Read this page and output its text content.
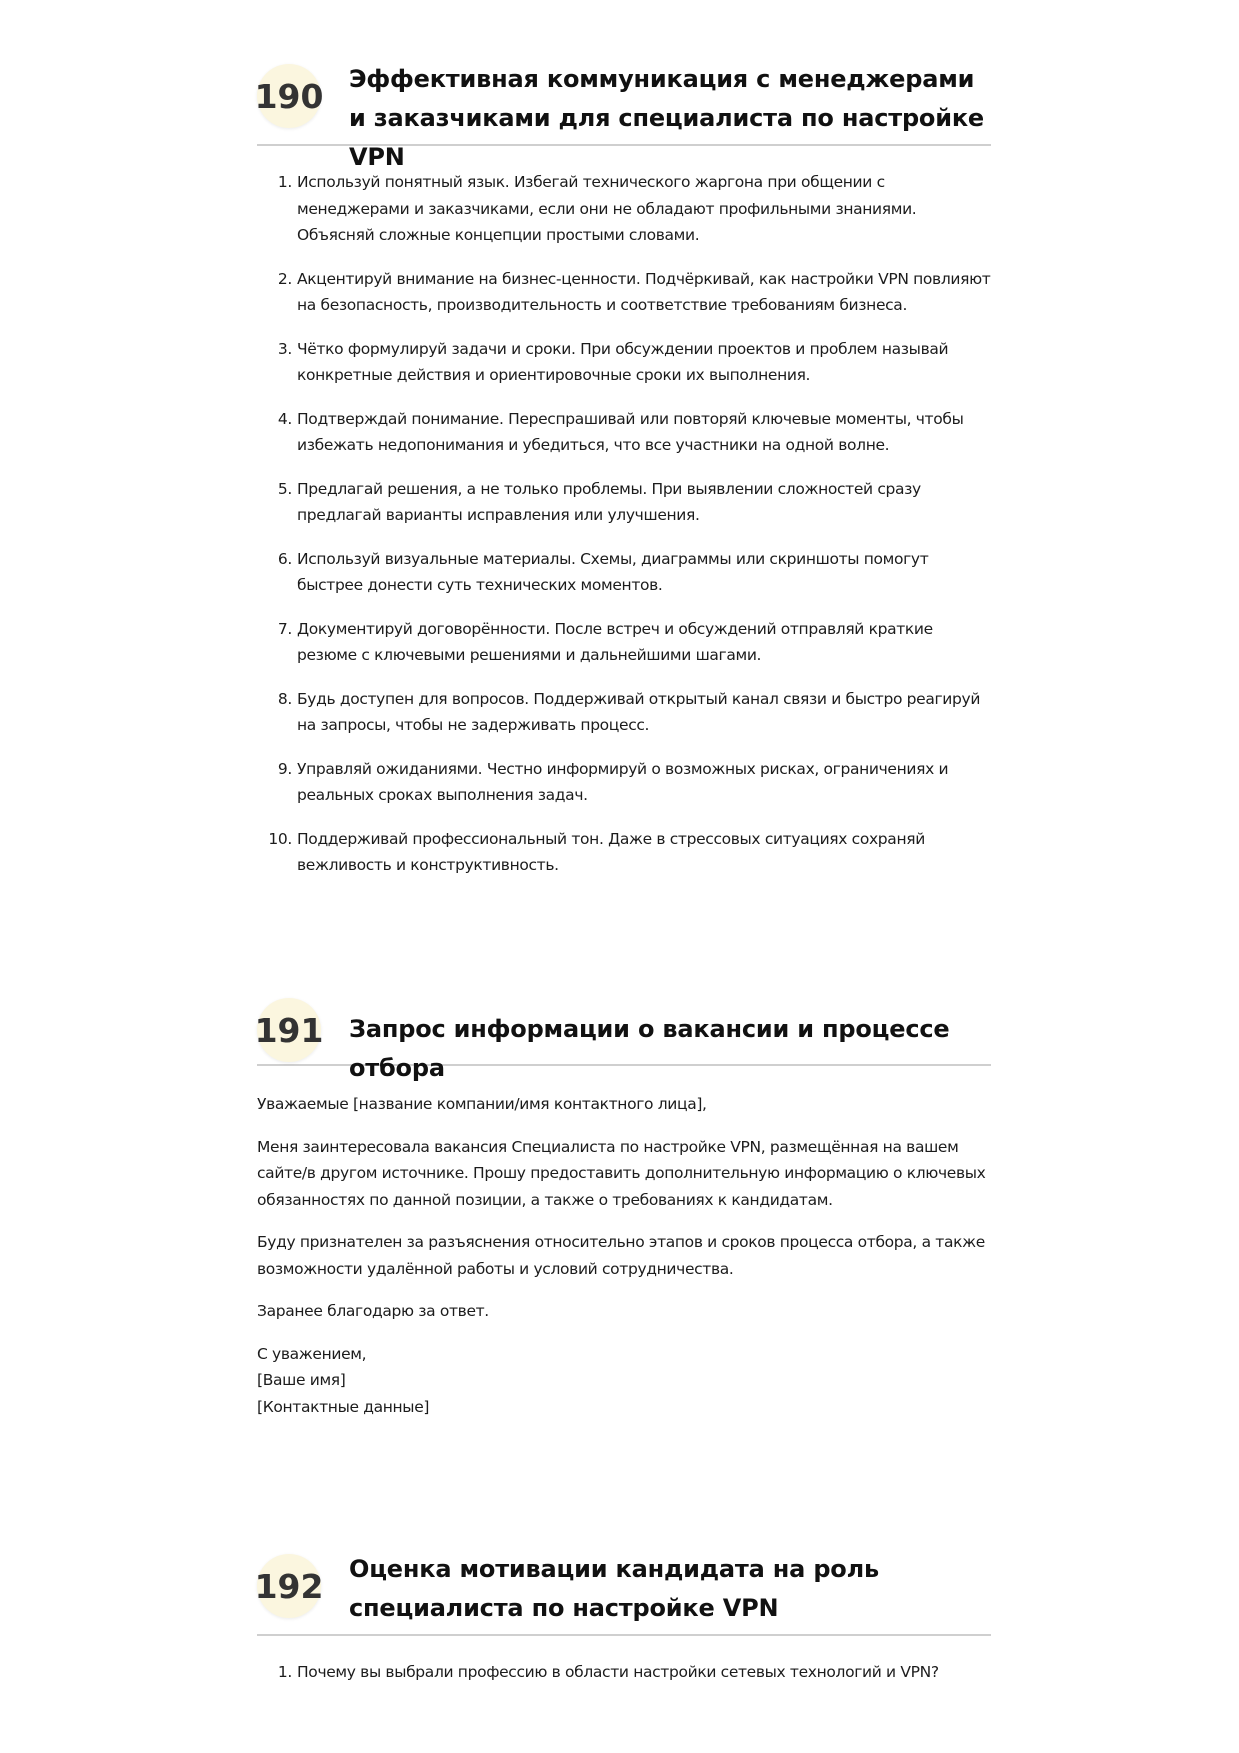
190 Эффективная коммуникация с менеджерами и заказчиками для специалиста по настройке VPN
Используй понятный язык. Избегай технического жаргона при общении с менеджерами и заказчиками, если они не обладают профильными знаниями. Объясняй сложные концепции простыми словами.
Акцентируй внимание на бизнес-ценности. Подчёркивай, как настройки VPN повлияют на безопасность, производительность и соответствие требованиям бизнеса.
Чётко формулируй задачи и сроки. При обсуждении проектов и проблем называй конкретные действия и ориентировочные сроки их выполнения.
Подтверждай понимание. Переспрашивай или повторяй ключевые моменты, чтобы избежать недопонимания и убедиться, что все участники на одной волне.
Предлагай решения, а не только проблемы. При выявлении сложностей сразу предлагай варианты исправления или улучшения.
Используй визуальные материалы. Схемы, диаграммы или скриншоты помогут быстрее донести суть технических моментов.
Документируй договорённости. После встреч и обсуждений отправляй краткие резюме с ключевыми решениями и дальнейшими шагами.
Будь доступен для вопросов. Поддерживай открытый канал связи и быстро реагируй на запросы, чтобы не задерживать процесс.
Управляй ожиданиями. Честно информируй о возможных рисках, ограничениях и реальных сроках выполнения задач.
Поддерживай профессиональный тон. Даже в стрессовых ситуациях сохраняй вежливость и конструктивность.
191 Запрос информации о вакансии и процессе отбора

Уважаемые [название компании/имя контактного лица],

Меня заинтересовала вакансия Специалиста по настройке VPN, размещённая на вашем сайте/в другом источнике. Прошу предоставить дополнительную информацию о ключевых обязанностях по данной позиции, а также о требованиях к кандидатам.

Буду признателен за разъяснения относительно этапов и сроков процесса отбора, а также возможности удалённой работы и условий сотрудничества.

Заранее благодарю за ответ.

С уважением,
[Ваше имя]
[Контактные данные]
192 Оценка мотивации кандидата на роль специалиста по настройке VPN
Почему вы выбрали профессию в области настройки сетевых технологий и VPN?
